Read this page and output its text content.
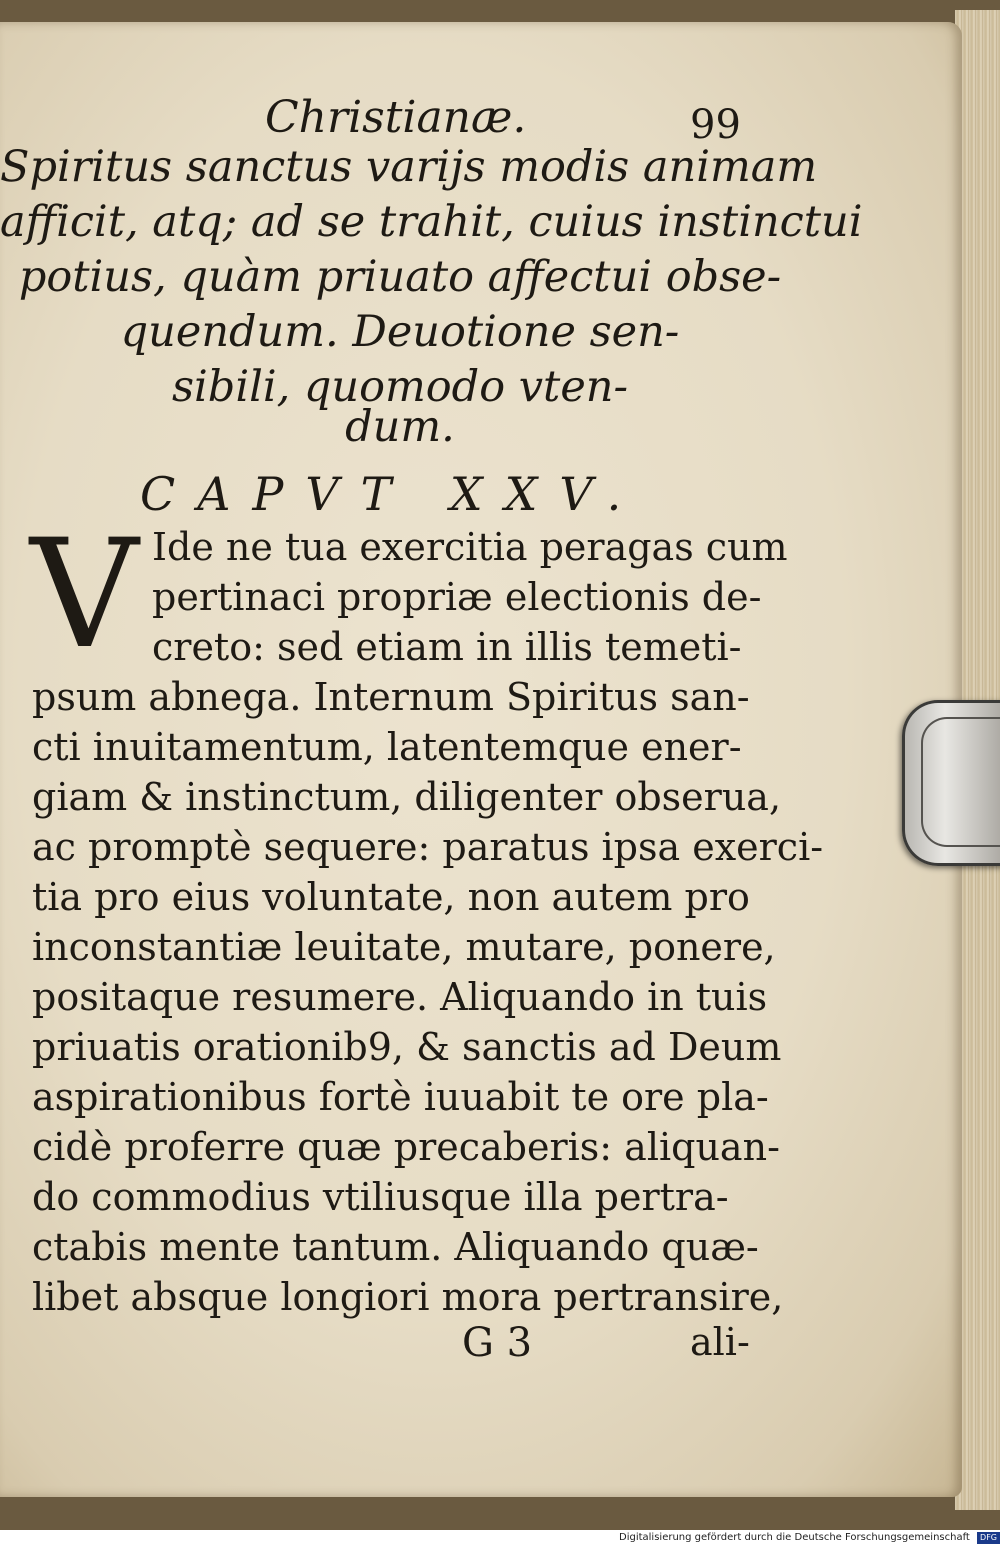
Christianæ.	99
Spiritus sanctus varijs modis animam
afficit, atq; ad se trahit, cuius instinctui
potius, quàm priuato affectui obse-
quendum. Deuotione sen-
sibili, quomodo vten-
dum.
CAPVT XXV.
V Ide ne tua exercitia peragas cum
pertinaci propriæ electionis de-
creto: sed etiam in illis temeti-
psum abnega. Internum Spiritus san-
cti inuitamentum, latentemque ener-
giam & instinctum, diligenter obserua,
ac promptè sequere: paratus ipsa exerci-
tia pro eius voluntate, non autem pro
inconstantiæ leuitate, mutare, ponere,
positaque resumere. Aliquando in tuis
priuatis orationib9, & sanctis ad Deum
aspirationibus fortè iuuabit te ore pla-
cidè proferre quæ precaberis: aliquan-
do commodius vtiliusque illa pertra-
ctabis mente tantum. Aliquando quæ-
libet absque longiori mora pertransire,
G 3	ali-
Digitalisierung gefördert durch die Deutsche Forschungsgemeinschaft DFG
